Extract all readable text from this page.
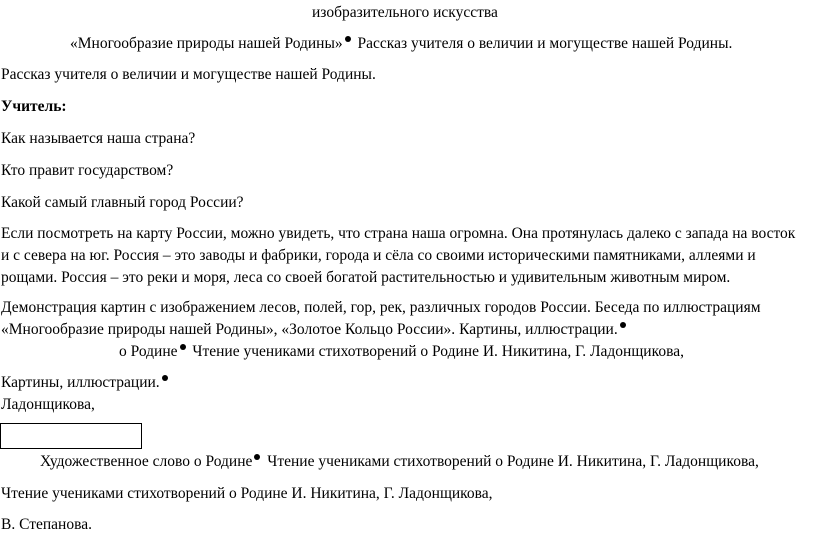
изобразительного искусства
«Многообразие природы нашей Родины» Рассказ учителя о величии и могуществе нашей Родины.
Рассказ учителя о величии и могуществе нашей Родины.
Учитель:
Как называется наша страна?
Кто правит государством?
Какой самый главный город России?
Если посмотреть на карту России, можно увидеть, что страна наша огромна. Она протянулась далеко с запада на восток
и с севера на юг. Россия – это заводы и фабрики, города и сёла со своими историческими памятниками, аллеями и
рощами. Россия – это реки и моря, леса со своей богатой растительностью и удивительным животным миром.
Демонстрация картин с изображением лесов, полей, гор, рек, различных городов России. Беседа по иллюстрациям
«Многообразие природы нашей Родины», «Золотое Кольцо России». Картины, иллюстрации.
о Родине Чтение учениками стихотворений о Родине И. Никитина, Г. Ладонщикова,
Картины, иллюстрации.
Ладонщикова,
Художественное слово о Родине Чтение учениками стихотворений о Родине И. Никитина, Г. Ладонщикова,
Чтение учениками стихотворений о Родине И. Никитина, Г. Ладонщикова,
В. Степанова.
